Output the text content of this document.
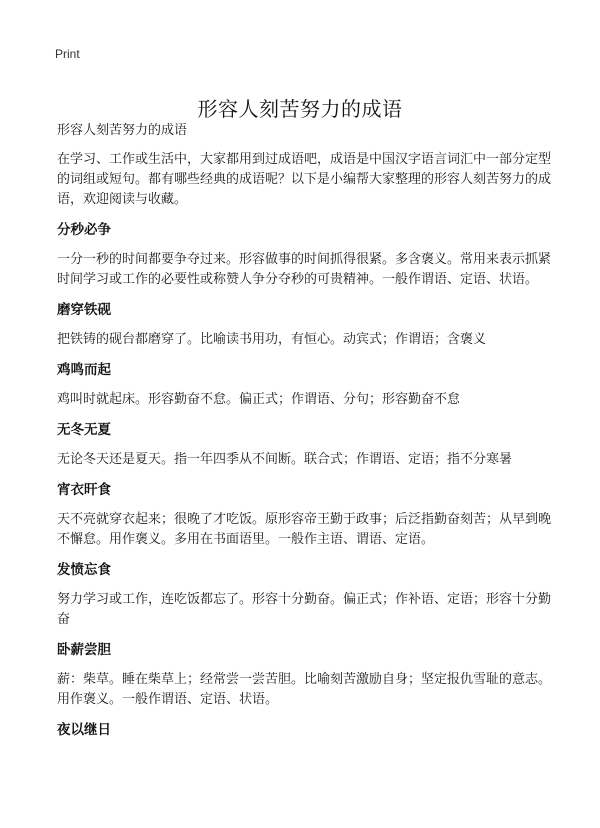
Print
形容人刻苦努力的成语

形容人刻苦努力的成语

在学习、工作或生活中，大家都用到过成语吧，成语是中国汉字语言词汇中一部分定型的词组或短句。都有哪些经典的成语呢？以下是小编帮大家整理的形容人刻苦努力的成语，欢迎阅读与收藏。

分秒必争

一分一秒的时间都要争夺过来。形容做事的时间抓得很紧。多含褒义。常用来表示抓紧时间学习或工作的必要性或称赞人争分夺秒的可贵精神。一般作谓语、定语、状语。

磨穿铁砚

把铁铸的砚台都磨穿了。比喻读书用功，有恒心。动宾式；作谓语；含褒义

鸡鸣而起

鸡叫时就起床。形容勤奋不怠。偏正式；作谓语、分句；形容勤奋不怠

无冬无夏

无论冬天还是夏天。指一年四季从不间断。联合式；作谓语、定语；指不分寒暑

宵衣旰食

天不亮就穿衣起来；很晚了才吃饭。原形容帝王勤于政事；后泛指勤奋刻苦；从早到晚不懈怠。用作褒义。多用在书面语里。一般作主语、谓语、定语。

发愤忘食

努力学习或工作，连吃饭都忘了。形容十分勤奋。偏正式；作补语、定语；形容十分勤奋

卧薪尝胆

薪：柴草。睡在柴草上；经常尝一尝苦胆。比喻刻苦激励自身；坚定报仇雪耻的意志。用作褒义。一般作谓语、定语、状语。

夜以继日
